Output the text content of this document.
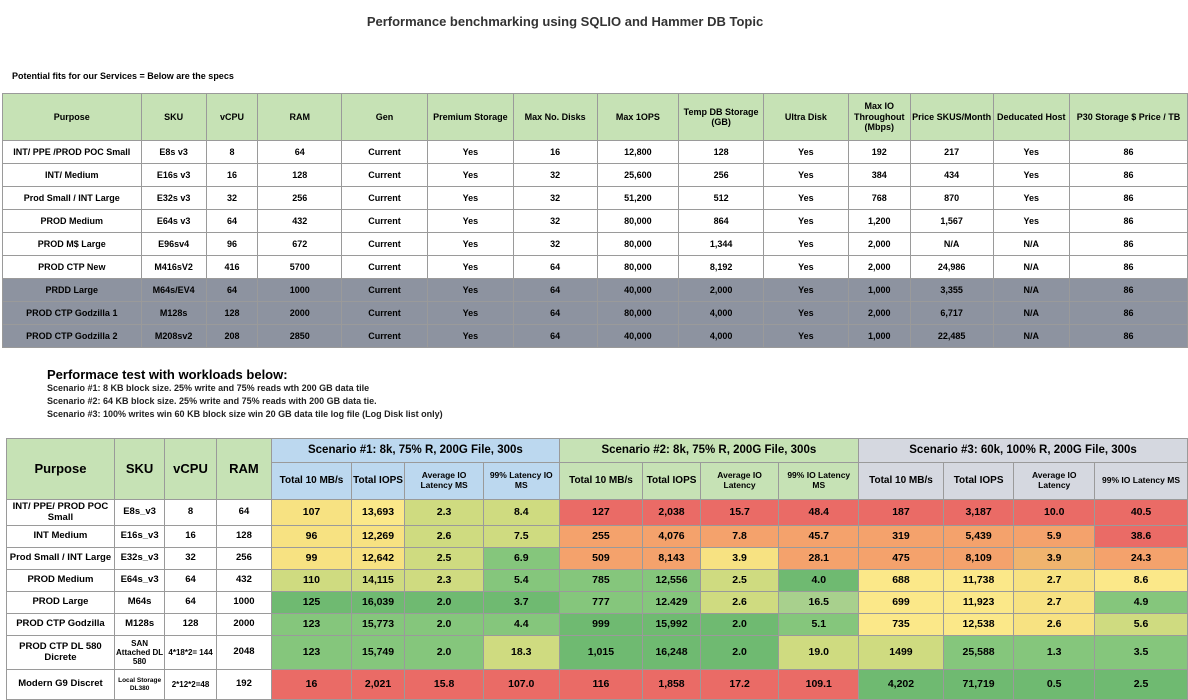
Performance benchmarking using SQLIO and Hammer DB Topic
Potential fits for our Services = Below are the specs
Purpose	SKU	vCPU	RAM	Gen	Premium Storage	Max No. Disks	Max 1OPS	Temp DB Storage (GB)	Ultra Disk	Max IO Throughout (Mbps)	Price SKUS/Month	Deducated Host	P30 Storage $ Price / TB
INT/ PPE /PROD POC Small	E8s v3	8	64	Current	Yes	16	12,800	128	Yes	192	217	Yes	86
INT/ Medium	E16s v3	16	128	Current	Yes	32	25,600	256	Yes	384	434	Yes	86
Prod Small / INT Large	E32s v3	32	256	Current	Yes	32	51,200	512	Yes	768	870	Yes	86
PROD Medium	E64s v3	64	432	Current	Yes	32	80,000	864	Yes	1,200	1,567	Yes	86
PROD M$ Large	E96sv4	96	672	Current	Yes	32	80,000	1,344	Yes	2,000	N/A	N/A	86
PROD CTP New	M416sV2	416	5700	Current	Yes	64	80,000	8,192	Yes	2,000	24,986	N/A	86
PRDD Large	M64s/EV4	64	1000	Current	Yes	64	40,000	2,000	Yes	1,000	3,355	N/A	86
PROD CTP Godzilla 1	M128s	128	2000	Current	Yes	64	80,000	4,000	Yes	2,000	6,717	N/A	86
PROD CTP Godzilla 2	M208sv2	208	2850	Current	Yes	64	40,000	4,000	Yes	1,000	22,485	N/A	86
Performace test with workloads below:
Scenario #1: 8 KB block size. 25% write and 75% reads wth 200 GB data tile
Scenario #2: 64 KB block size. 25% write and 75% reads with 200 GB data tie.
Scenario #3: 100% writes win 60 KB block size win 20 GB data tile log file (Log Disk list only)
Purpose	SKU	vCPU	RAM	Scenario #1: 8k, 75% R, 200G File, 300s				Scenario #2: 8k, 75% R, 200G File, 300s				Scenario #3: 60k, 100% R, 200G File, 300s			
				Total 10 MB/s	Total IOPS	Average IO Latency MS	99% Latency IO MS	Total 10 MB/s	Total IOPS	Average IO Latency	99% IO Latency MS	Total 10 MB/s	Total IOPS	Average IO Latency	99% IO Latency MS
INT/ PPE/ PROD POC Small	E8s_v3	8	64	107	13,693	2.3	8.4	127	2,038	15.7	48.4	187	3,187	10.0	40.5
INT Medium	E16s_v3	16	128	96	12,269	2.6	7.5	255	4,076	7.8	45.7	319	5,439	5.9	38.6
Prod Small / INT Large	E32s_v3	32	256	99	12,642	2.5	6.9	509	8,143	3.9	28.1	475	8,109	3.9	24.3
PROD Medium	E64s_v3	64	432	110	14,115	2.3	5.4	785	12,556	2.5	4.0	688	11,738	2.7	8.6
PROD Large	M64s	64	1000	125	16,039	2.0	3.7	777	12.429	2.6	16.5	699	11,923	2.7	4.9
PROD CTP Godzilla	M128s	128	2000	123	15,773	2.0	4.4	999	15,992	2.0	5.1	735	12,538	2.6	5.6
PROD CTP DL 580 Dicrete	SAN Attached DL 580	4*18*2= 144	2048	123	15,749	2.0	18.3	1,015	16,248	2.0	19.0	1499	25,588	1.3	3.5
Modern G9 Discret	Local Storage DL380	2*12*2=48	192	16	2,021	15.8	107.0	116	1,858	17.2	109.1	4,202	71,719	0.5	2.5
